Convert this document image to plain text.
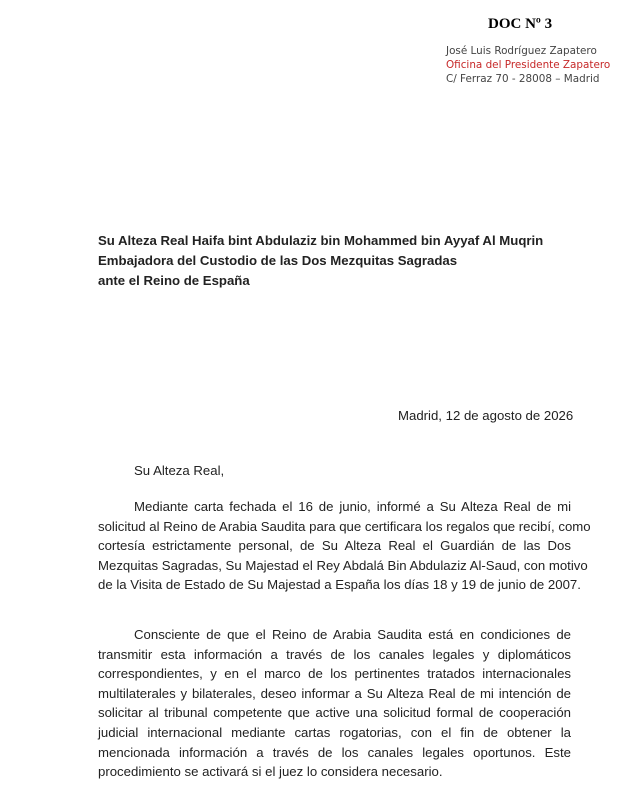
DOC Nº 3
José Luis Rodríguez Zapatero
Oficina del Presidente Zapatero
C/ Ferraz 70 - 28008 – Madrid
Su Alteza Real Haifa bint Abdulaziz bin Mohammed bin Ayyaf Al Muqrin
Embajadora del Custodio de las Dos Mezquitas Sagradas
ante el Reino de España
Madrid, 12 de agosto de 2026
Su Alteza Real,
Mediante carta fechada el 16 de junio, informé a Su Alteza Real de mi
solicitud al Reino de Arabia Saudita para que certificara los regalos que recibí, como
cortesía estrictamente personal, de Su Alteza Real el Guardián de las Dos
Mezquitas Sagradas, Su Majestad el Rey Abdalá Bin Abdulaziz Al-Saud, con motivo
de la Visita de Estado de Su Majestad a España los días 18 y 19 de junio de 2007.
Consciente de que el Reino de Arabia Saudita está en condiciones de
transmitir esta información a través de los canales legales y diplomáticos
correspondientes, y en el marco de los pertinentes tratados internacionales
multilaterales y bilaterales, deseo informar a Su Alteza Real de mi intención de
solicitar al tribunal competente que active una solicitud formal de cooperación
judicial internacional mediante cartas rogatorias, con el fin de obtener la
mencionada información a través de los canales legales oportunos. Este
procedimiento se activará si el juez lo considera necesario.
